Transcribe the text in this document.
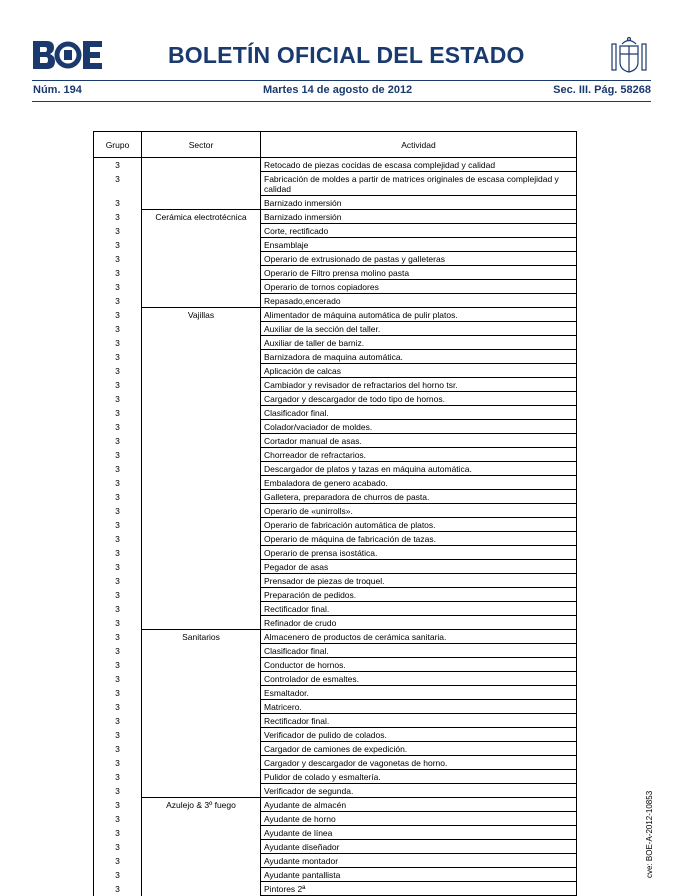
BOLETÍN OFICIAL DEL ESTADO
Núm. 194	Martes 14 de agosto de 2012	Sec. III. Pág. 58268
Grupo	Sector	Actividad
3		Retocado de piezas cocidas de escasa complejidad y calidad
3		Fabricación de moldes a partir de matrices originales de escasa complejidad y calidad
3		Barnizado inmersión
3	Cerámica electrotécnica	Barnizado inmersión
3		Corte, rectificado
3		Ensamblaje
3		Operario de extrusionado de pastas y galleteras
3		Operario de Filtro prensa molino pasta
3		Operario de tornos copiadores
3		Repasado,encerado
3	Vajillas	Alimentador de máquina automática de pulir platos.
3		Auxiliar de la sección del taller.
3		Auxiliar de taller de barniz.
3		Barnizadora de maquina automática.
3		Aplicación de calcas
3		Cambiador y revisador de refractarios del horno tsr.
3		Cargador y descargador de todo tipo de hornos.
3		Clasificador final.
3		Colador/vaciador de moldes.
3		Cortador manual de asas.
3		Chorreador de refractarios.
3		Descargador de platos y tazas en máquina automática.
3		Embaladora de genero acabado.
3		Galletera, preparadora de churros de pasta.
3		Operario de «unirrolls».
3		Operario de fabricación automática de platos.
3		Operario de máquina de fabricación de tazas.
3		Operario de prensa isostática.
3		Pegador de asas
3		Prensador de piezas de troquel.
3		Preparación de pedidos.
3		Rectificador final.
3		Refinador de crudo
3	Sanitarios	Almacenero de productos de cerámica sanitaria.
3		Clasificador final.
3		Conductor de hornos.
3		Controlador de esmaltes.
3		Esmaltador.
3		Matricero.
3		Rectificador final.
3		Verificador de pulido de colados.
3		Cargador de camiones de expedición.
3		Cargador y descargador de vagonetas de horno.
3		Pulidor de colado y esmaltería.
3		Verificador de segunda.
3	Azulejo & 3º fuego	Ayudante de almacén
3		Ayudante de horno
3		Ayudante de línea
3		Ayudante diseñador
3		Ayudante montador
3		Ayudante pantallista
3		Pintores 2ª
cve: BOE-A-2012-10853
